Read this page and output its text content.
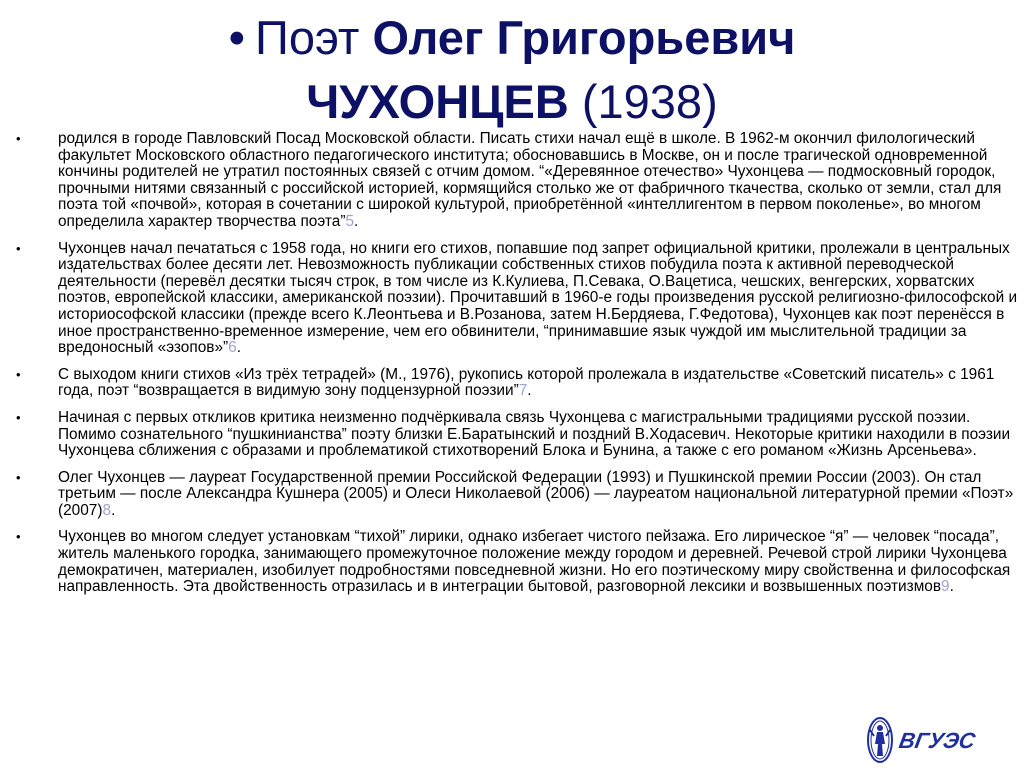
• Поэт Олег Григорьевич
ЧУХОНЦЕВ (1938)
• родился в городе Павловский Посад Московской области. Писать стихи начал ещё в школе. В 1962-м окончил филологический факультет Московского областного педагогического института; обосновавшись в Москве, он и после трагической одновременной кончины родителей не утратил постоянных связей с отчим домом. “«Деревянное отечество» Чухонцева — подмосковный городок, прочными нитями связанный с российской историей, кормящийся столько же от фабричного ткачества, сколько от земли, стал для поэта той «почвой», которая в сочетании с широкой культурой, приобретённой «интеллигентом в первом поколенье», во многом определила характер творчества поэта”5.
• Чухонцев начал печататься с 1958 года, но книги его стихов, попавшие под запрет официальной критики, пролежали в центральных издательствах более десяти лет. Невозможность публикации собственных стихов побудила поэта к активной переводческой деятельности (перевёл десятки тысяч строк, в том числе из К.Кулиева, П.Севака, О.Вацетиса, чешских, венгерских, хорватских поэтов, европейской классики, американской поэзии). Прочитавший в 1960-е годы произведения русской религиозно-философской и историософской классики (прежде всего К.Леонтьева и В.Розанова, затем Н.Бердяева, Г.Федотова), Чухонцев как поэт перенёсся в иное пространственно-временное измерение, чем его обвинители, “принимавшие язык чуждой им мыслительной традиции за вредоносный «эзопов»”6.
• С выходом книги стихов «Из трёх тетрадей» (М., 1976), рукопись которой пролежала в издательстве «Советский писатель» с 1961 года, поэт “возвращается в видимую зону подцензурной поэзии”7.
• Начиная с первых откликов критика неизменно подчёркивала связь Чухонцева с магистральными традициями русской поэзии. Помимо сознательного “пушкинианства” поэту близки Е.Баратынский и поздний В.Ходасевич. Некоторые критики находили в поэзии Чухонцева сближения с образами и проблематикой стихотворений Блока и Бунина, а также с его романом «Жизнь Арсеньева».
• Олег Чухонцев — лауреат Государственной премии Российской Федерации (1993) и Пушкинской премии России (2003). Он стал третьим — после Александра Кушнера (2005) и Олеси Николаевой (2006) — лауреатом национальной литературной премии «Поэт» (2007)8.
• Чухонцев во многом следует установкам “тихой” лирики, однако избегает чистого пейзажа. Его лирическое “я” — человек “посада”, житель маленького городка, занимающего промежуточное положение между городом и деревней. Речевой строй лирики Чухонцева демократичен, материален, изобилует подробностями повседневной жизни. Но его поэтическому миру свойственна и философская направленность. Эта двойственность отразилась и в интеграции бытовой, разговорной лексики и возвышенных поэтизмов9.
ВГУЭС
